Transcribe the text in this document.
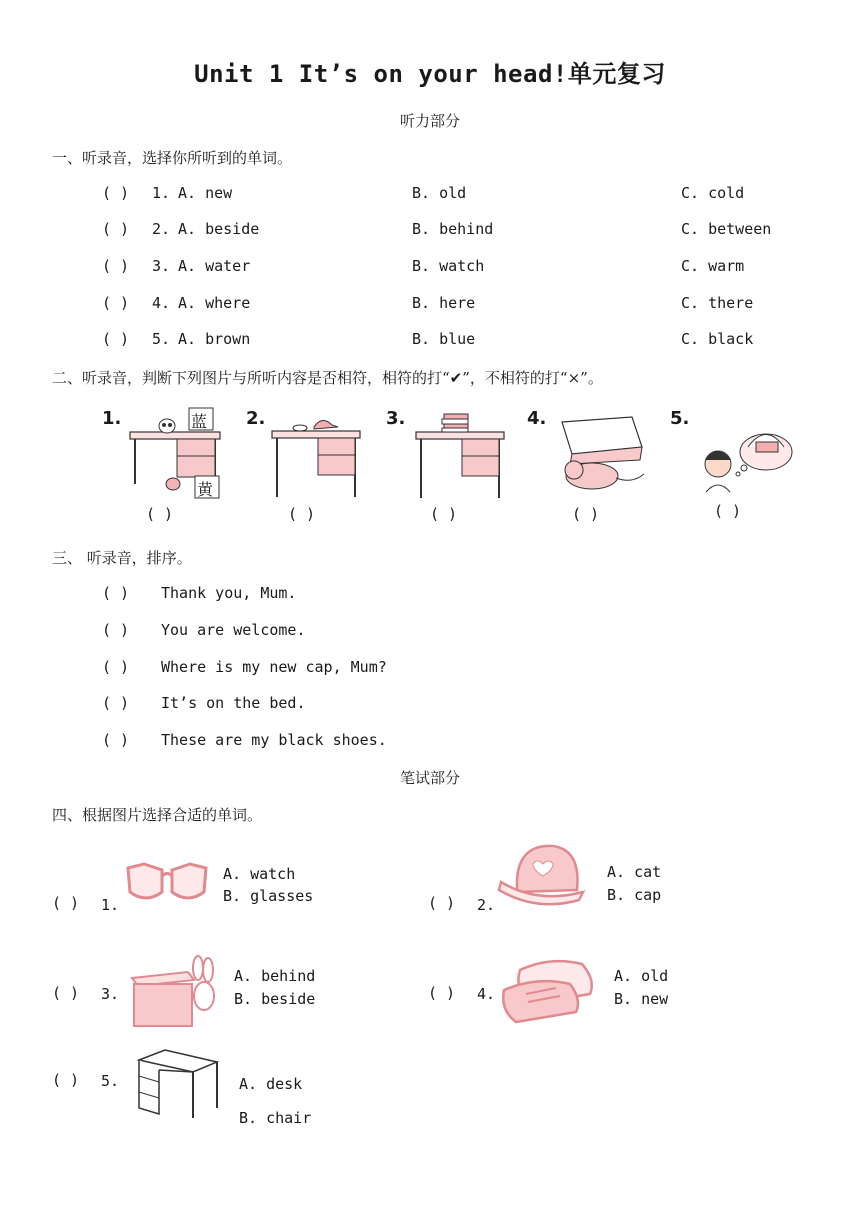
Unit 1 It’s on your head!单元复习
听力部分
一、听录音，选择你所听到的单词。
( ) 1. A. new	B. old	C. cold
( ) 2. A. beside	B. behind	C. between
( ) 3. A. water	B. watch	C. warm
( ) 4. A. where	B. here	C. there
( ) 5. A. brown	B. blue	C. black
二、听录音，判断下列图片与所听内容是否相符，相符的打“✔”，不相符的打“×”。
1.	蓝
黄
( )
2.
( )
3.
( )
4.
( )
5.
( )
三、 听录音，排序。
( ) Thank you, Mum.
( ) You are welcome.
( ) Where is my new cap, Mum?
( ) It’s on the bed.
( ) These are my black shoes.
笔试部分
四、根据图片选择合适的单词。
( ) 1.
A. watch
B. glasses	( ) 2.
A. cat
B. cap
( ) 3.
A. behind
B. beside	( ) 4.
A. old
B. new
( ) 5.	A. desk
B. chair
